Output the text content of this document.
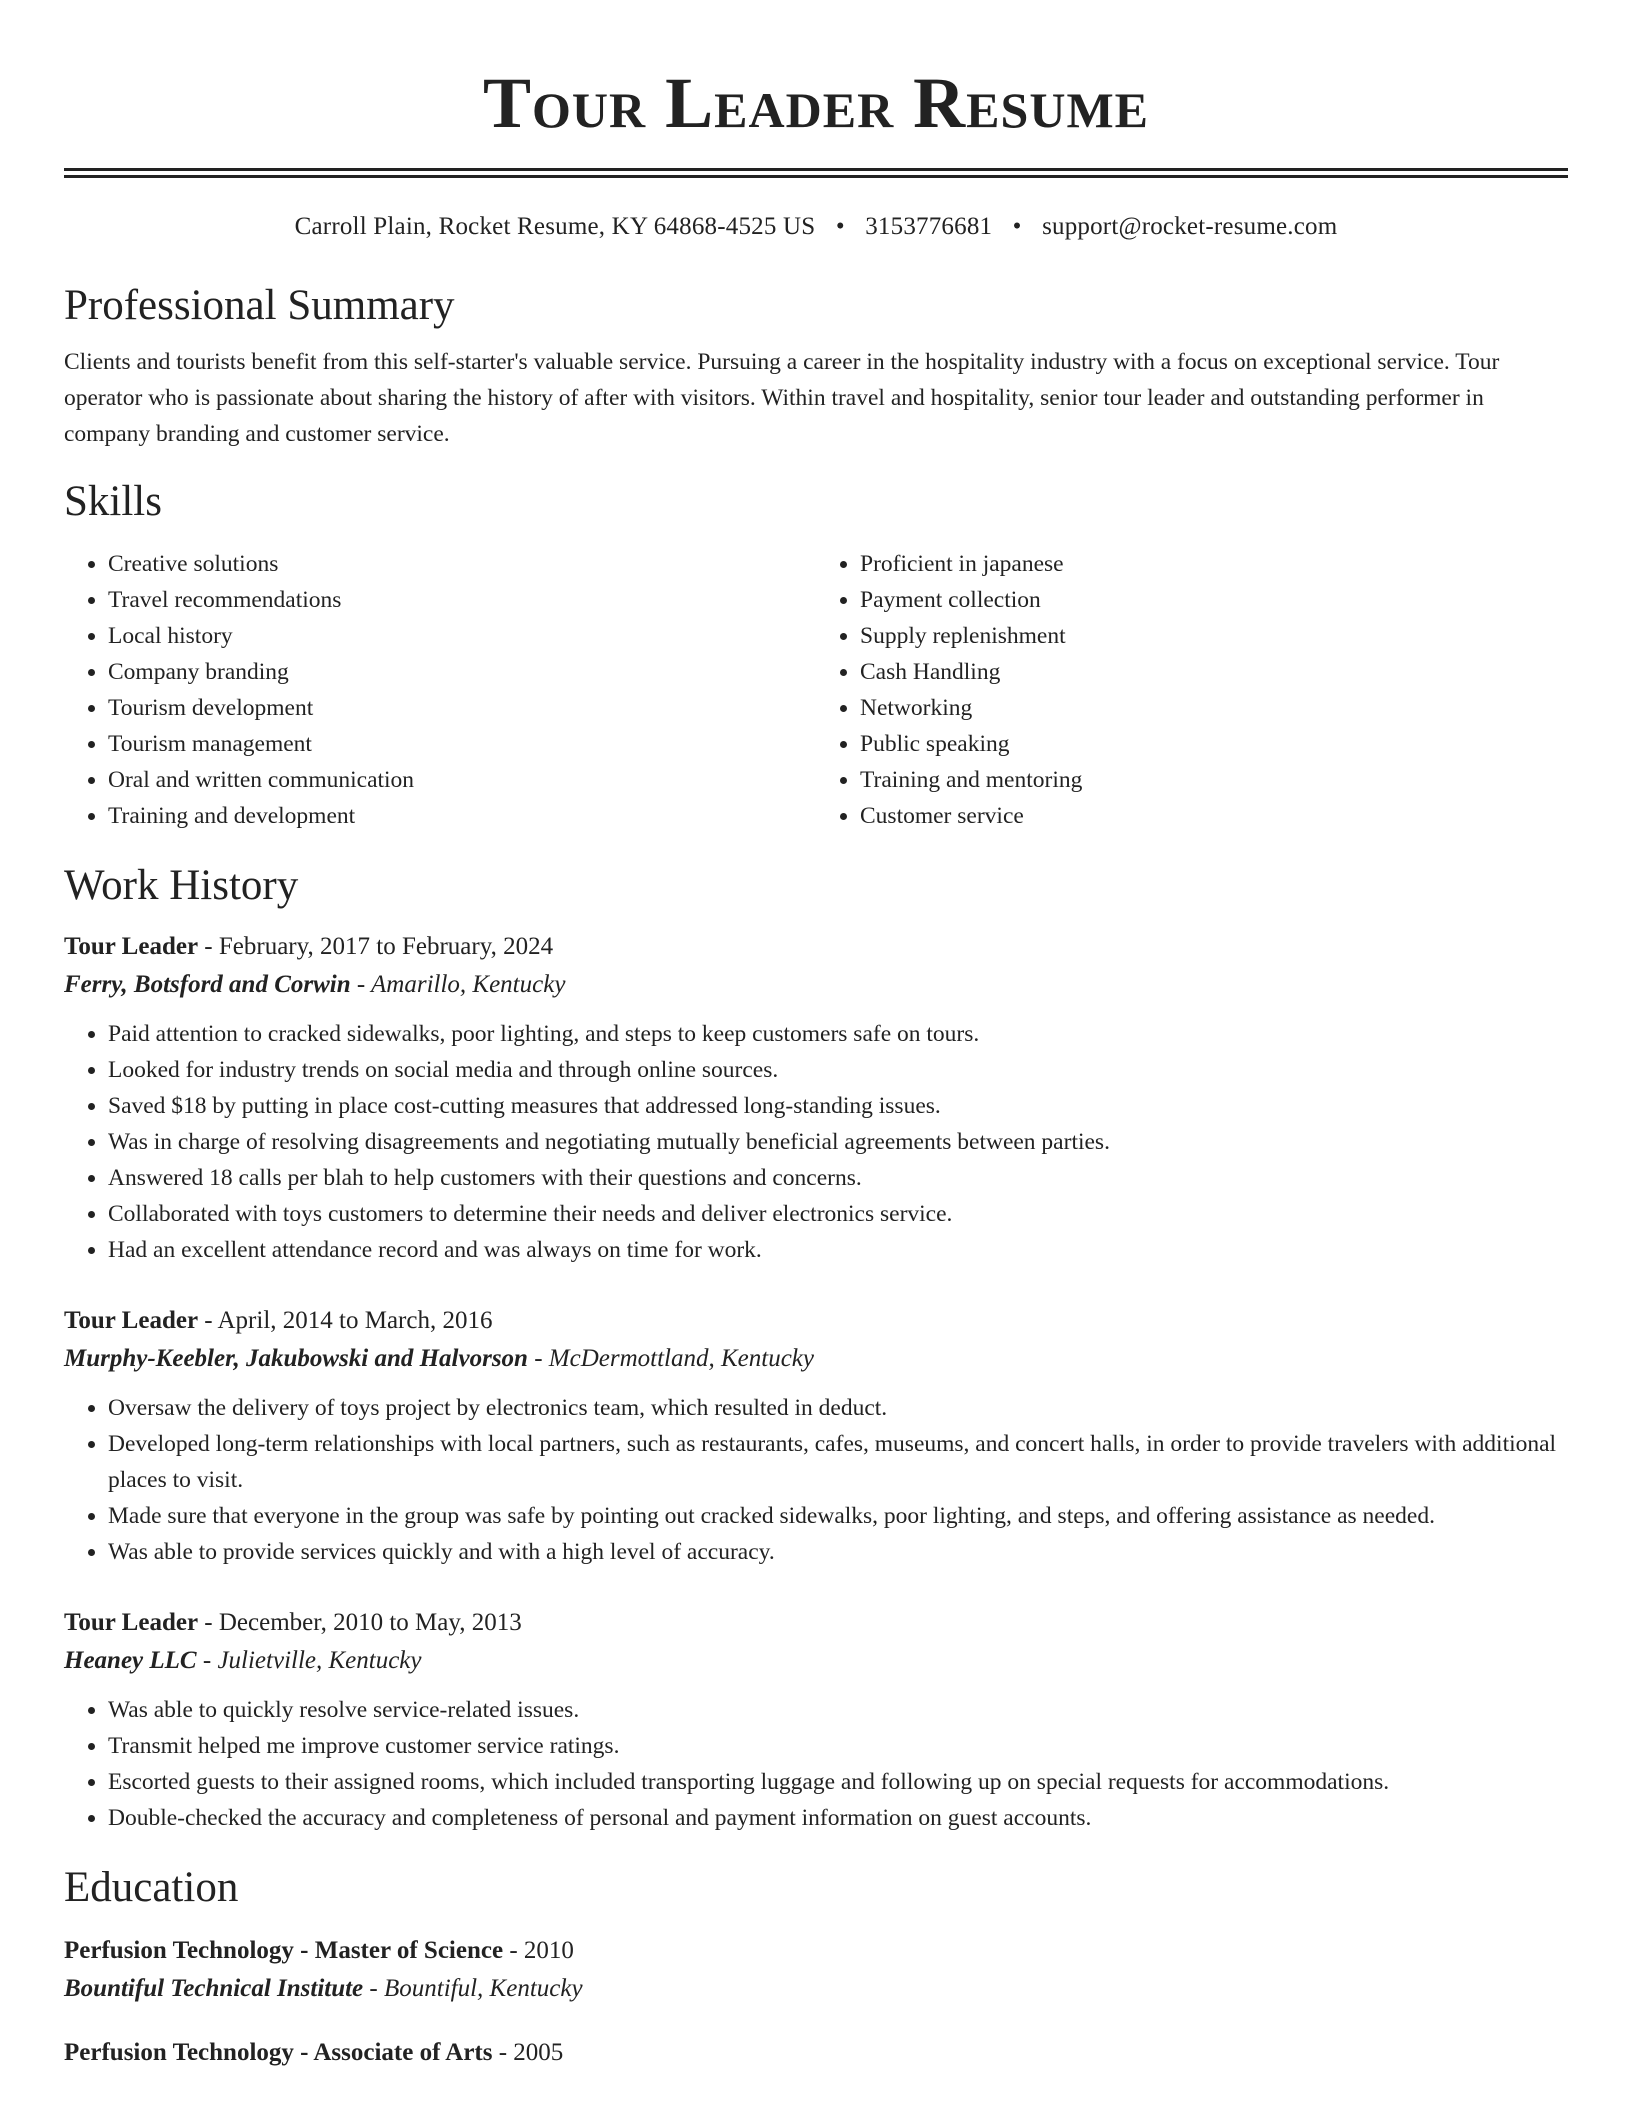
Tour Leader Resume
Carroll Plain, Rocket Resume, KY 64868-4525 US • 3153776681 • support@rocket-resume.com
Professional Summary

Clients and tourists benefit from this self-starter's valuable service. Pursuing a career in the hospitality industry with a focus on exceptional service. Tour operator who is passionate about sharing the history of after with visitors. Within travel and hospitality, senior tour leader and outstanding performer in company branding and customer service.

Skills
• Creative solutions
• Travel recommendations
• Local history
• Company branding
• Tourism development
• Tourism management
• Oral and written communication
• Training and development
• Proficient in japanese
• Payment collection
• Supply replenishment
• Cash Handling
• Networking
• Public speaking
• Training and mentoring
• Customer service
Work History
Tour Leader - February, 2017 to February, 2024
Ferry, Botsford and Corwin - Amarillo, Kentucky
• Paid attention to cracked sidewalks, poor lighting, and steps to keep customers safe on tours.
• Looked for industry trends on social media and through online sources.
• Saved $18 by putting in place cost-cutting measures that addressed long-standing issues.
• Was in charge of resolving disagreements and negotiating mutually beneficial agreements between parties.
• Answered 18 calls per blah to help customers with their questions and concerns.
• Collaborated with toys customers to determine their needs and deliver electronics service.
• Had an excellent attendance record and was always on time for work.
Tour Leader - April, 2014 to March, 2016
Murphy-Keebler, Jakubowski and Halvorson - McDermottland, Kentucky
• Oversaw the delivery of toys project by electronics team, which resulted in deduct.
• Developed long-term relationships with local partners, such as restaurants, cafes, museums, and concert halls, in order to provide travelers with additional places to visit.
• Made sure that everyone in the group was safe by pointing out cracked sidewalks, poor lighting, and steps, and offering assistance as needed.
• Was able to provide services quickly and with a high level of accuracy.
Tour Leader - December, 2010 to May, 2013
Heaney LLC - Julietville, Kentucky
• Was able to quickly resolve service-related issues.
• Transmit helped me improve customer service ratings.
• Escorted guests to their assigned rooms, which included transporting luggage and following up on special requests for accommodations.
• Double-checked the accuracy and completeness of personal and payment information on guest accounts.
Education
Perfusion Technology - Master of Science - 2010
Bountiful Technical Institute - Bountiful, Kentucky
Perfusion Technology - Associate of Arts - 2005
